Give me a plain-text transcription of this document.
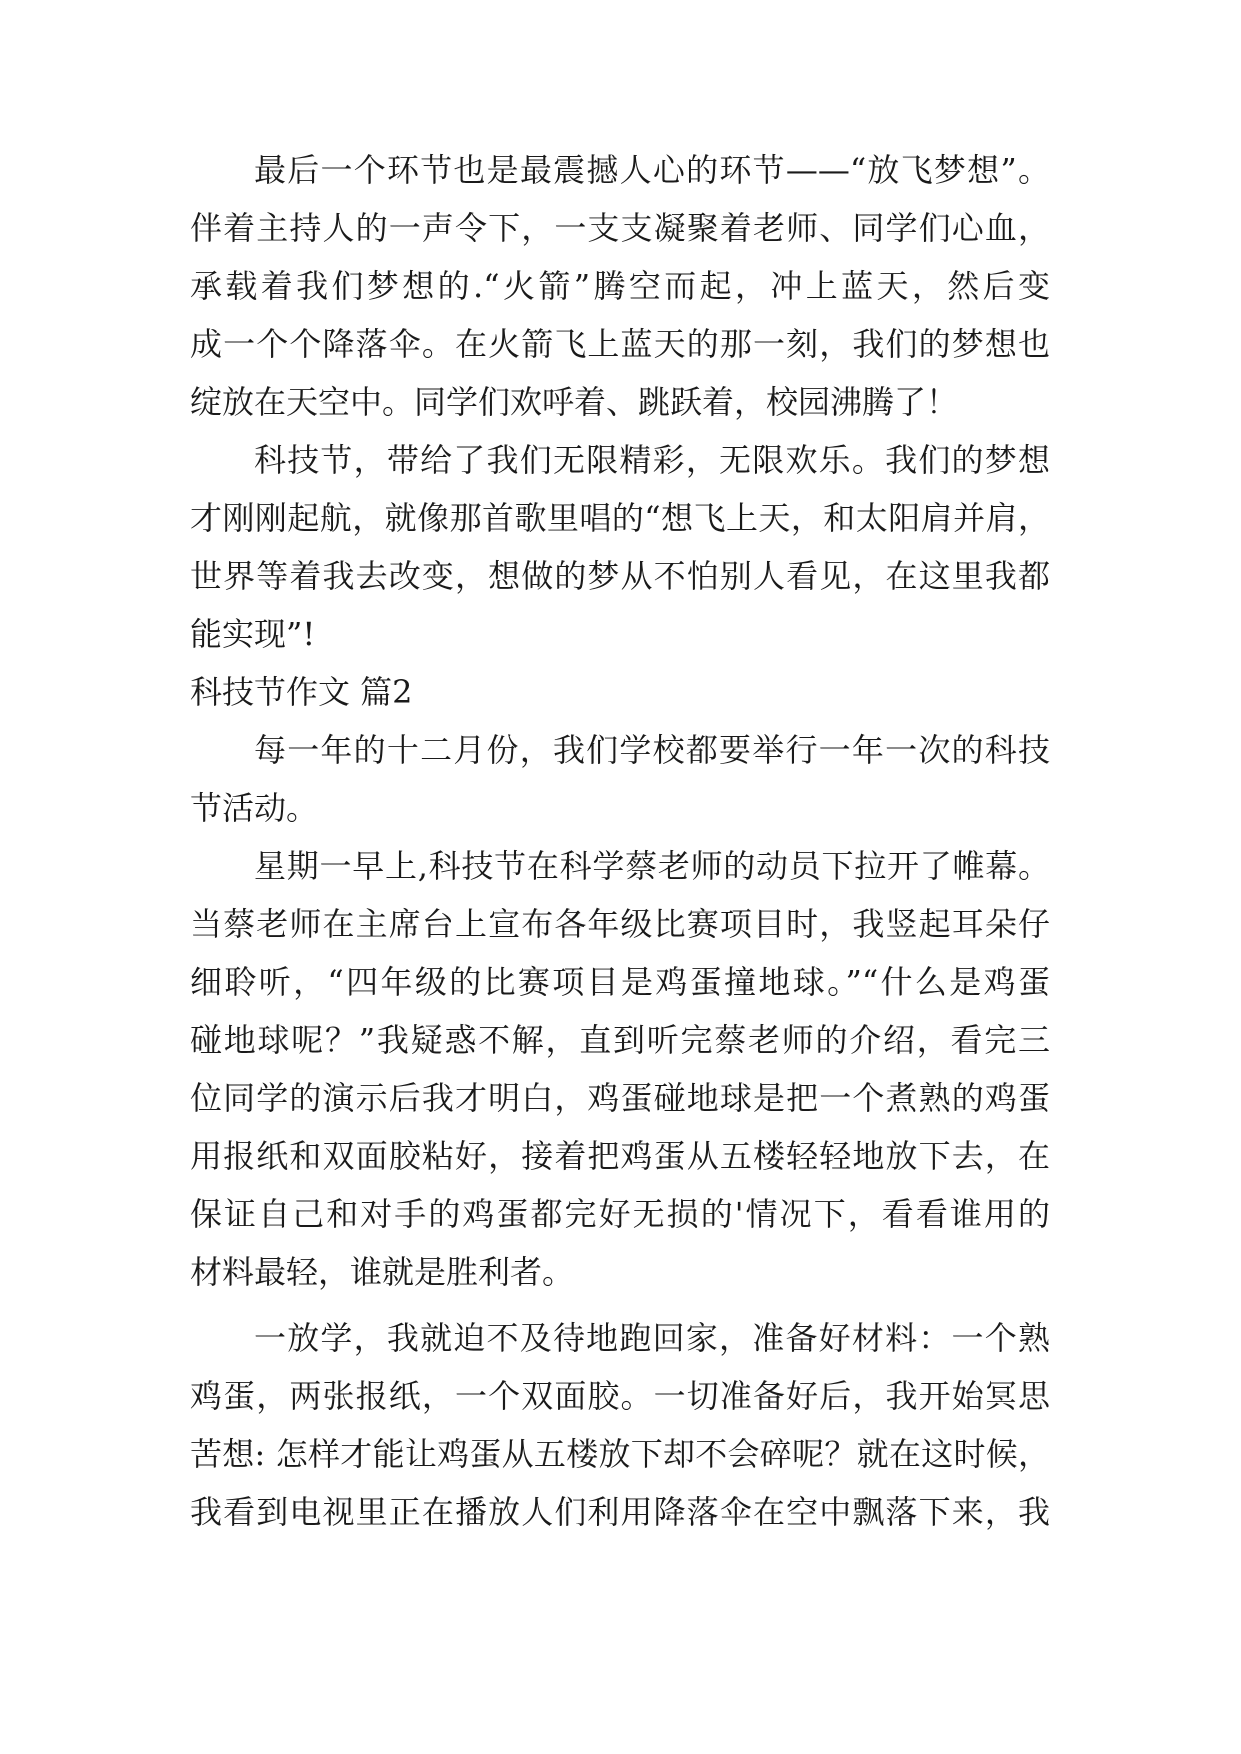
最后一个环节也是最震撼人心的环节——“放飞梦想”。
伴着主持人的一声令下，一支支凝聚着老师、同学们心血，
承载着我们梦想的.“火箭”腾空而起，冲上蓝天，然后变
成一个个降落伞。在火箭飞上蓝天的那一刻，我们的梦想也
绽放在天空中。同学们欢呼着、跳跃着，校园沸腾了！
科技节，带给了我们无限精彩，无限欢乐。我们的梦想
才刚刚起航，就像那首歌里唱的“想飞上天，和太阳肩并肩，
世界等着我去改变，想做的梦从不怕别人看见，在这里我都
能实现”!
科技节作文 篇2
每一年的十二月份，我们学校都要举行一年一次的科技
节活动。
星期一早上,科技节在科学蔡老师的动员下拉开了帷幕。
当蔡老师在主席台上宣布各年级比赛项目时，我竖起耳朵仔
细聆听，“四年级的比赛项目是鸡蛋撞地球。”“什么是鸡蛋
碰地球呢？”我疑惑不解，直到听完蔡老师的介绍，看完三
位同学的演示后我才明白，鸡蛋碰地球是把一个煮熟的鸡蛋
用报纸和双面胶粘好，接着把鸡蛋从五楼轻轻地放下去，在
保证自己和对手的鸡蛋都完好无损的'情况下，看看谁用的
材料最轻，谁就是胜利者。
一放学，我就迫不及待地跑回家，准备好材料：一个熟
鸡蛋，两张报纸，一个双面胶。一切准备好后，我开始冥思
苦想: 怎样才能让鸡蛋从五楼放下却不会碎呢？就在这时候，
我看到电视里正在播放人们利用降落伞在空中飘落下来，我
